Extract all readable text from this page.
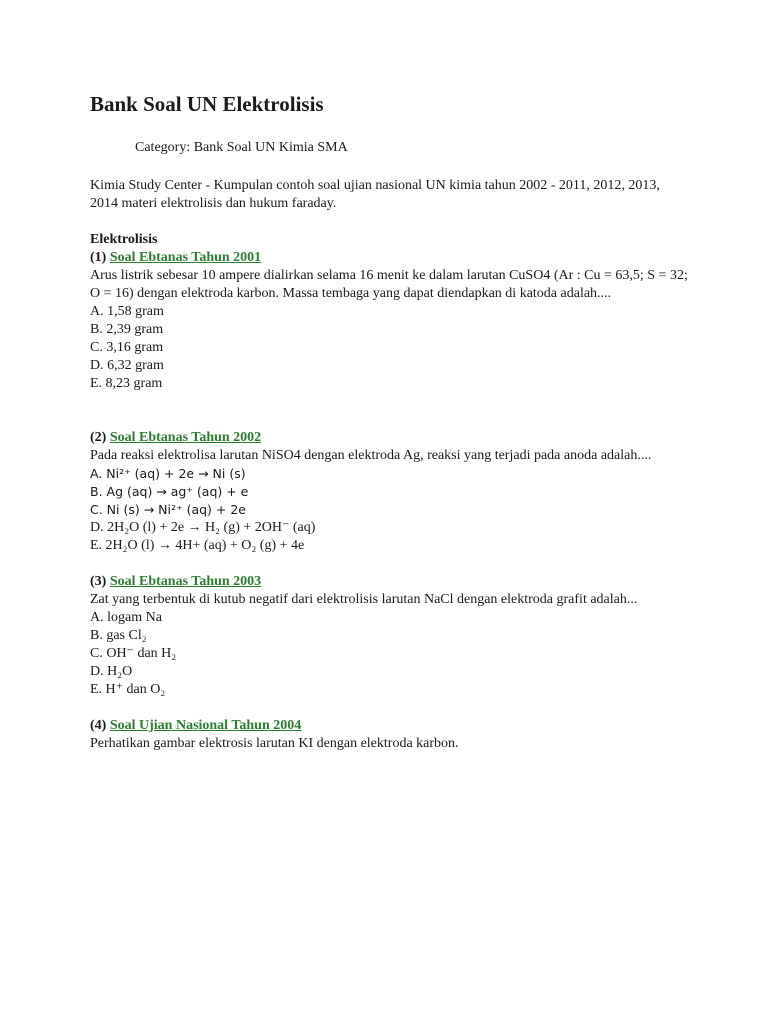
Bank Soal UN Elektrolisis
Category: Bank Soal UN Kimia SMA
Kimia Study Center - Kumpulan contoh soal ujian nasional UN kimia tahun 2002 - 2011, 2012, 2013, 2014 materi elektrolisis dan hukum faraday.
Elektrolisis
(1) Soal Ebtanas Tahun 2001

Arus listrik sebesar 10 ampere dialirkan selama 16 menit ke dalam larutan CuSO4 (Ar : Cu = 63,5; S = 32; O = 16) dengan elektroda karbon. Massa tembaga yang dapat diendapkan di katoda adalah....

A. 1,58 gram
B. 2,39 gram
C. 3,16 gram
D. 6,32 gram
E. 8,23 gram
(2) Soal Ebtanas Tahun 2002

Pada reaksi elektrolisa larutan NiSO4 dengan elektroda Ag, reaksi yang terjadi pada anoda adalah....

A. Ni²⁺ (aq) + 2e → Ni (s)
B. Ag (aq) → ag⁺ (aq) + e
C. Ni (s) → Ni²⁺ (aq) + 2e
D. 2H₂O (l) + 2e → H₂ (g) + 2OH⁻ (aq)
E. 2H₂O (l) → 4H+ (aq) + O₂ (g) + 4e
(3) Soal Ebtanas Tahun 2003

Zat yang terbentuk di kutub negatif dari elektrolisis larutan NaCl dengan elektroda grafit adalah...

A. logam Na
B. gas Cl₂
C. OH⁻ dan H₂
D. H₂O
E. H⁺ dan O₂
(4) Soal Ujian Nasional Tahun 2004

Perhatikan gambar elektrosis larutan KI dengan elektroda karbon.
